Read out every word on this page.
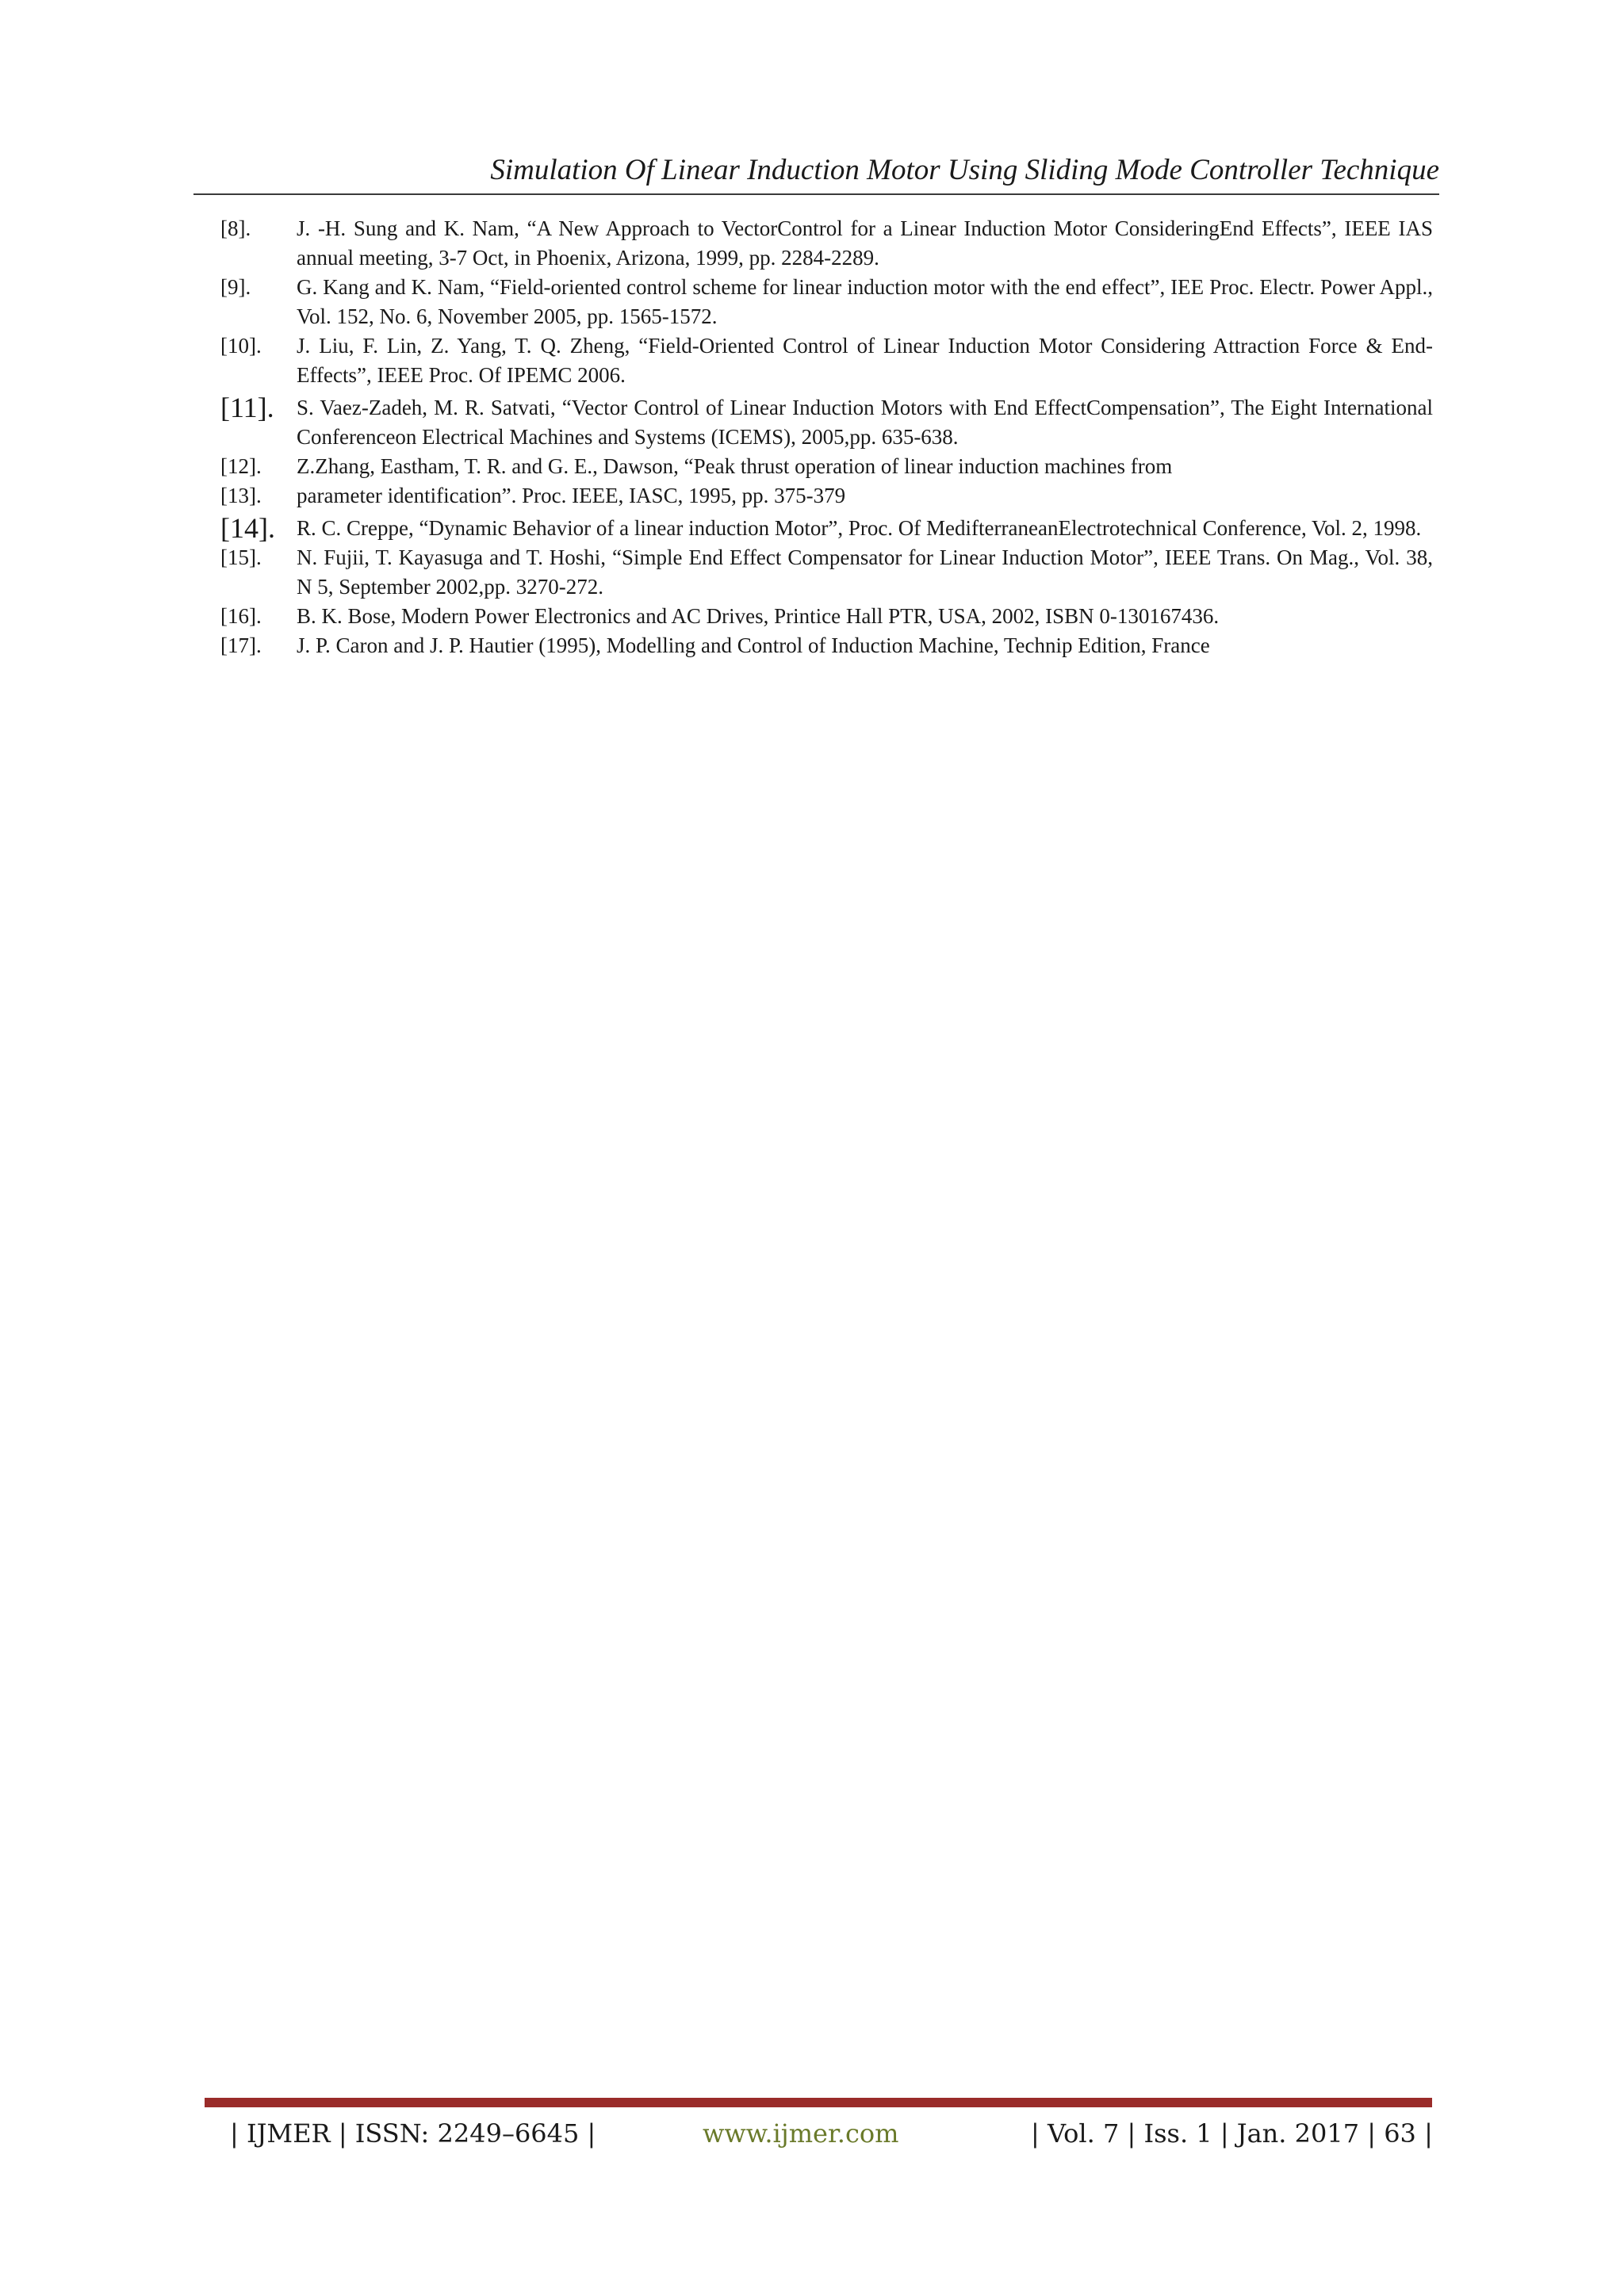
Simulation Of Linear Induction Motor Using Sliding Mode Controller Technique
[8]. J. -H. Sung and K. Nam, “A New Approach to VectorControl for a Linear Induction Motor ConsideringEnd Effects”, IEEE IAS annual meeting, 3-7 Oct, in Phoenix, Arizona, 1999, pp. 2284-2289.
[9]. G. Kang and K. Nam, “Field-oriented control scheme for linear induction motor with the end effect”, IEE Proc. Electr. Power Appl., Vol. 152, No. 6, November 2005, pp. 1565-1572.
[10]. J. Liu, F. Lin, Z. Yang, T. Q. Zheng, “Field-Oriented Control of Linear Induction Motor Considering Attraction Force & End-Effects”, IEEE Proc. Of IPEMC 2006.
[11]. S. Vaez-Zadeh, M. R. Satvati, “Vector Control of Linear Induction Motors with End EffectCompensation”, The Eight International Conferenceon Electrical Machines and Systems (ICEMS), 2005,pp. 635-638.
[12]. Z.Zhang, Eastham, T. R. and G. E., Dawson, “Peak thrust operation of linear induction machines from
[13]. parameter identification”. Proc. IEEE, IASC, 1995, pp. 375-379
[14]. R. C. Creppe, “Dynamic Behavior of a linear induction Motor”, Proc. Of MedifterraneanElectrotechnical Conference, Vol. 2, 1998.
[15]. N. Fujii, T. Kayasuga and T. Hoshi, “Simple End Effect Compensator for Linear Induction Motor”, IEEE Trans. On Mag., Vol. 38, N 5, September 2002,pp. 3270-272.
[16]. B. K. Bose, Modern Power Electronics and AC Drives, Printice Hall PTR, USA, 2002, ISBN 0-130167436.
[17]. J. P. Caron and J. P. Hautier (1995), Modelling and Control of Induction Machine, Technip Edition, France
| IJMER | ISSN: 2249–6645 |	www.ijmer.com	| Vol. 7 | Iss. 1 | Jan. 2017 | 63 |
